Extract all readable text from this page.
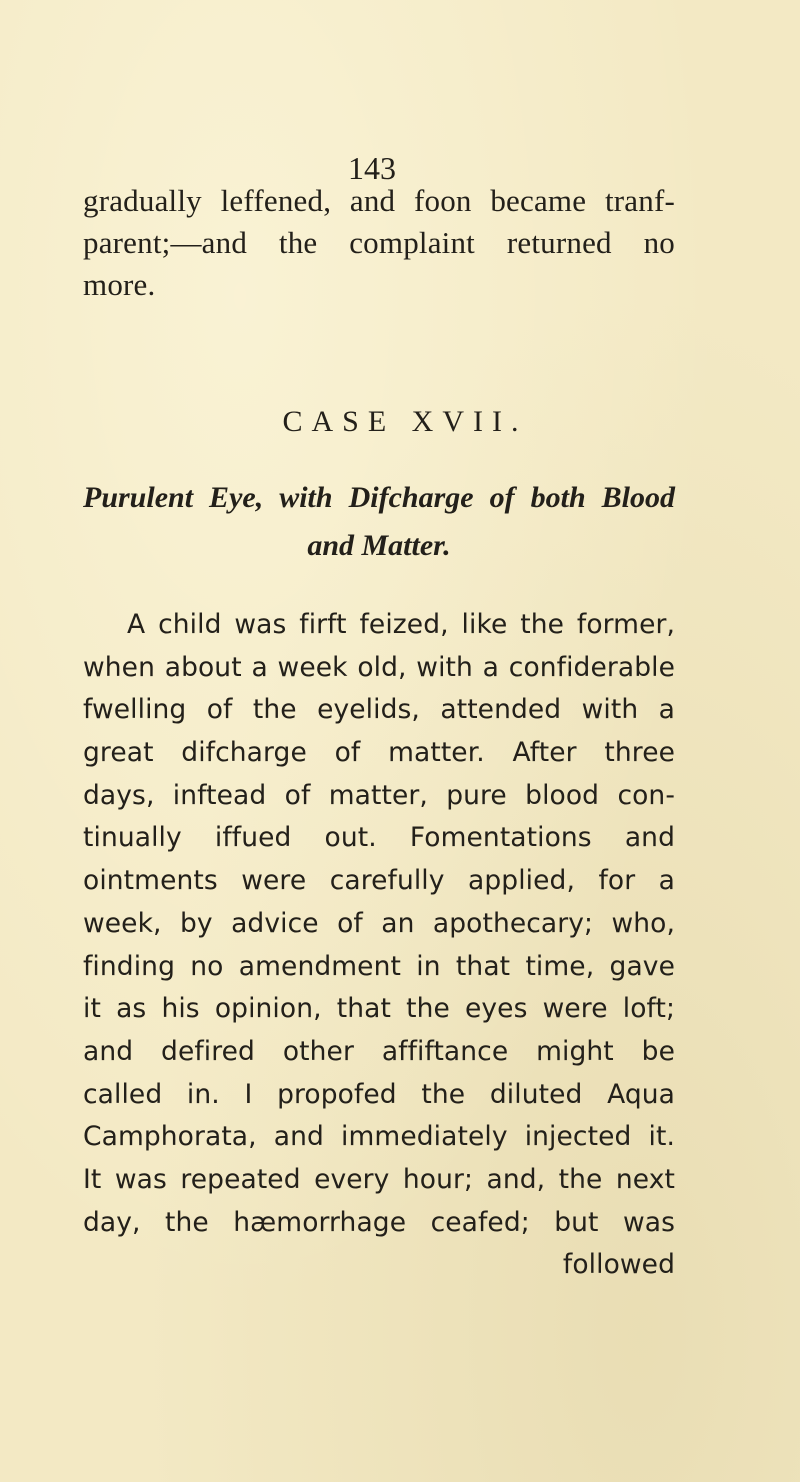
143
gradually leffened, and foon became tranf-
parent;—and the complaint returned no
more.
CASE XVII.
Purulent Eye, with Difcharge of both Blood
and Matter.
A child was firft feized, like the former,
when about a week old, with a confiderable
fwelling of the eyelids, attended with a
great difcharge of matter. After three
days, inftead of matter, pure blood con-
tinually iffued out. Fomentations and
ointments were carefully applied, for a
week, by advice of an apothecary; who,
finding no amendment in that time, gave
it as his opinion, that the eyes were loft;
and defired other affiftance might be
called in. I propofed the diluted Aqua
Camphorata, and immediately injected it.
It was repeated every hour; and, the next
day, the hæmorrhage ceafed; but was
followed
